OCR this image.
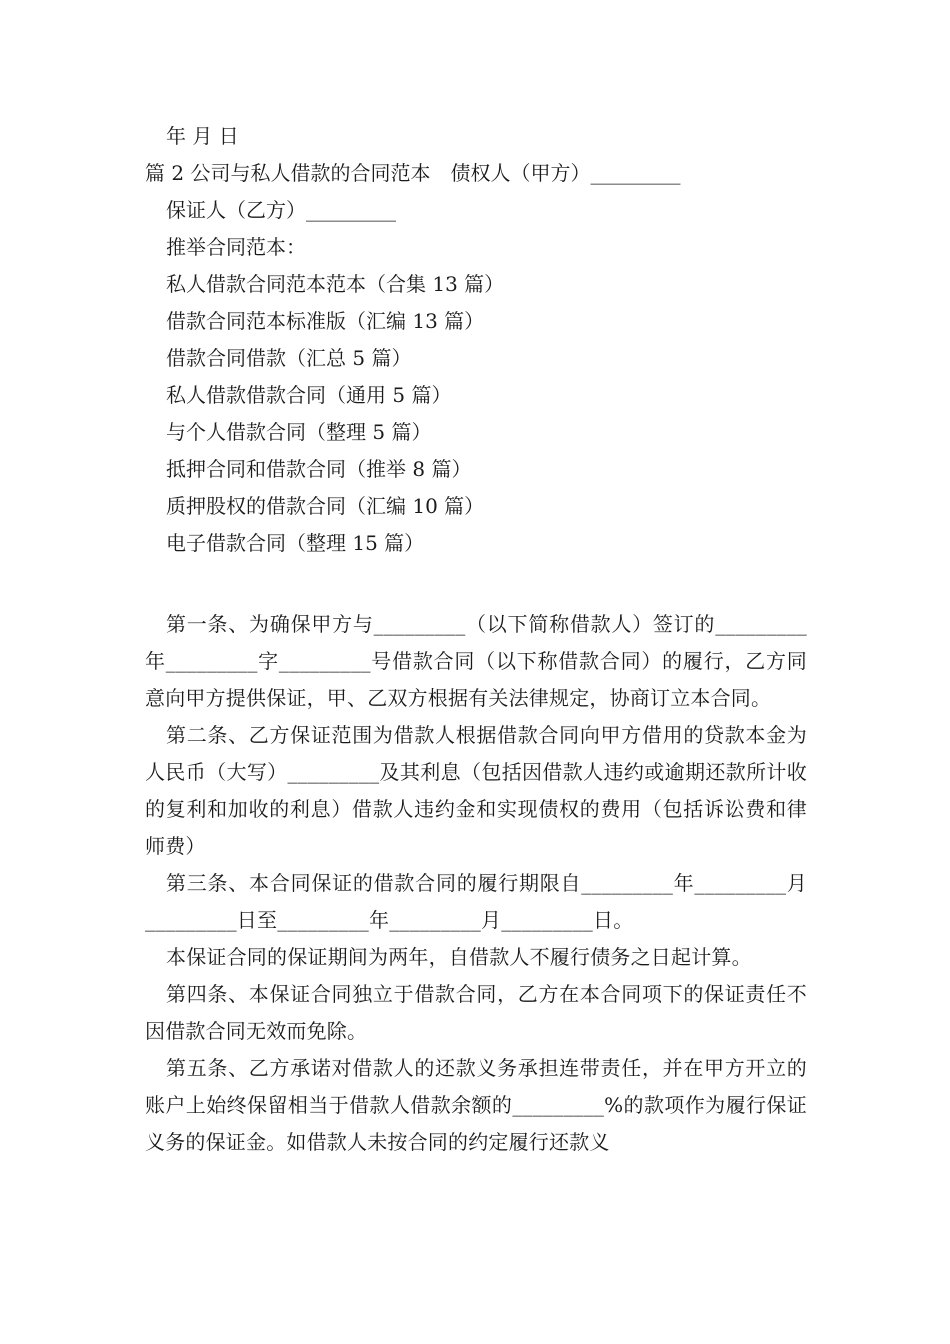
年 月 日
篇 2 公司与私人借款的合同范本　债权人（甲方）_________
保证人（乙方）_________
推举合同范本：
私人借款合同范本范本（合集 13 篇）
借款合同范本标准版（汇编 13 篇）
借款合同借款（汇总 5 篇）
私人借款借款合同（通用 5 篇）
与个人借款合同（整理 5 篇）
抵押合同和借款合同（推举 8 篇）
质押股权的借款合同（汇编 10 篇）
电子借款合同（整理 15 篇）
第一条、为确保甲方与_________（以下简称借款人）签订的_________年_________字_________号借款合同（以下称借款合同）的履行，乙方同意向甲方提供保证，甲、乙双方根据有关法律规定，协商订立本合同。
第二条、乙方保证范围为借款人根据借款合同向甲方借用的贷款本金为人民币（大写）_________及其利息（包括因借款人违约或逾期还款所计收的复利和加收的利息）借款人违约金和实现债权的费用（包括诉讼费和律师费）
第三条、本合同保证的借款合同的履行期限自_________年_________月_________日至_________年_________月_________日。
本保证合同的保证期间为两年，自借款人不履行债务之日起计算。
第四条、本保证合同独立于借款合同，乙方在本合同项下的保证责任不因借款合同无效而免除。
第五条、乙方承诺对借款人的还款义务承担连带责任，并在甲方开立的账户上始终保留相当于借款人借款余额的_________%的款项作为履行保证义务的保证金。如借款人未按合同的约定履行还款义
